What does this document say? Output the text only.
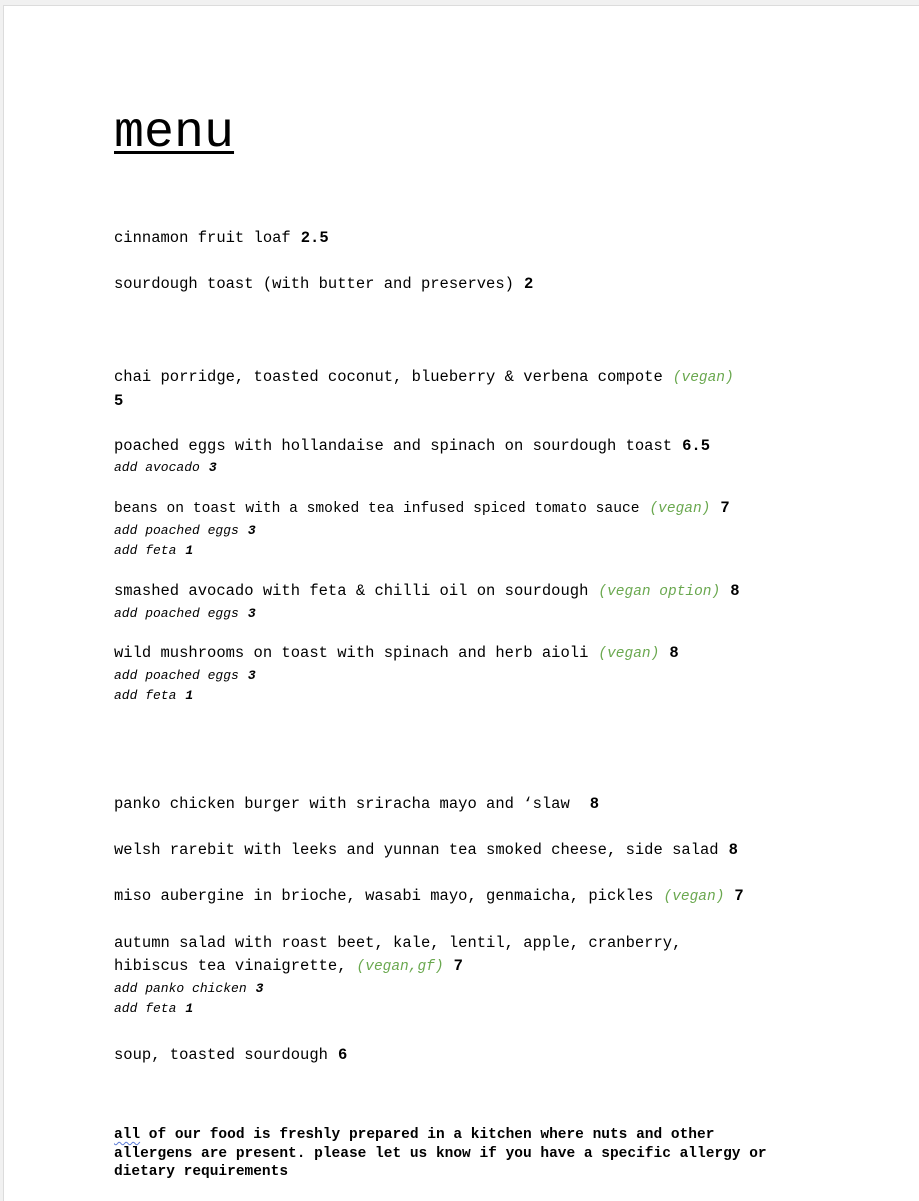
menu
cinnamon fruit loaf 2.5
sourdough toast (with butter and preserves) 2
chai porridge, toasted coconut, blueberry & verbena compote (vegan)
5
poached eggs with hollandaise and spinach on sourdough toast 6.5
add avocado 3
beans on toast with a smoked tea infused spiced tomato sauce (vegan) 7
add poached eggs 3
add feta 1
smashed avocado with feta & chilli oil on sourdough (vegan option) 8
add poached eggs 3
wild mushrooms on toast with spinach and herb aioli (vegan) 8
add poached eggs 3
add feta 1
panko chicken burger with sriracha mayo and ‘slaw 8
welsh rarebit with leeks and yunnan tea smoked cheese, side salad 8
miso aubergine in brioche, wasabi mayo, genmaicha, pickles (vegan) 7
autumn salad with roast beet, kale, lentil, apple, cranberry,
hibiscus tea vinaigrette, (vegan,gf) 7
add panko chicken 3
add feta 1
soup, toasted sourdough 6
all of our food is freshly prepared in a kitchen where nuts and other
allergens are present. please let us know if you have a specific allergy or
dietary requirements
